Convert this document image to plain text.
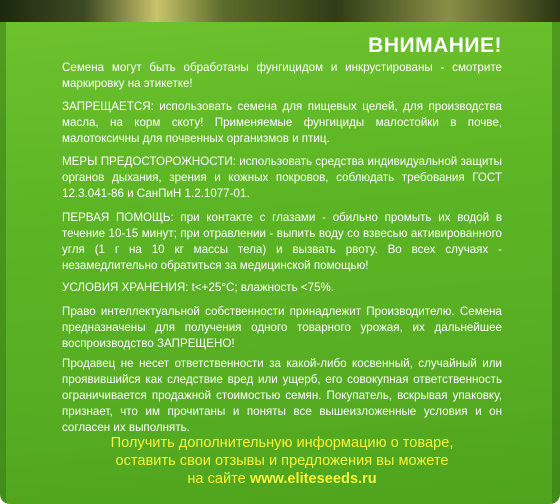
ВНИМАНИЕ!
Семена могут быть обработаны фунгицидом и инкрустированы - смотрите маркировку на этикетке!
ЗАПРЕЩАЕТСЯ: использовать семена для пищевых целей, для производства масла, на корм скоту! Применяемые фунгициды малостойки в почве, малотоксичны для почвенных организмов и птиц.
МЕРЫ ПРЕДОСТОРОЖНОСТИ: использовать средства индивидуальной защиты органов дыхания, зрения и кожных покровов, соблюдать требования ГОСТ 12.3.041-86 и СанПиН 1.2.1077-01.
ПЕРВАЯ ПОМОЩЬ: при контакте с глазами - обильно промыть их водой в течение 10-15 минут; при отравлении - выпить воду со взвесью активированного угля (1 г на 10 кг массы тела) и вызвать рвоту. Во всех случаях - незамедлительно обратиться за медицинской помощью!
УСЛОВИЯ ХРАНЕНИЯ: t<+25°C; влажность <75%.
Право интеллектуальной собственности принадлежит Производителю. Семена предназначены для получения одного товарного урожая, их дальнейшее воспроизводство ЗАПРЕЩЕНО!
Продавец не несет ответственности за какой-либо косвенный, случайный или проявившийся как следствие вред или ущерб, его совокупная ответственность ограничивается продажной стоимостью семян. Покупатель, вскрывая упаковку, признает, что им прочитаны и поняты все вышеизложенные условия и он согласен их выполнять.
Получить дополнительную информацию о товаре,
оставить свои отзывы и предложения вы можете
на сайте www.eliteseeds.ru
